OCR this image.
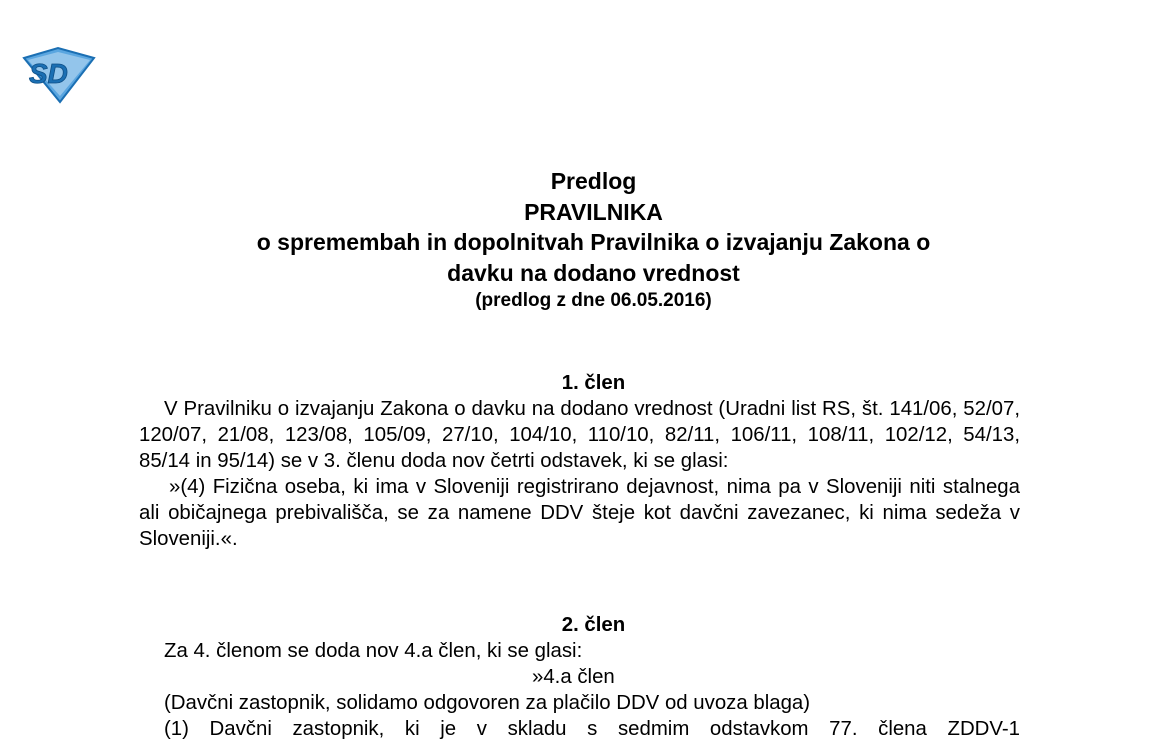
SD
Predlog
PRAVILNIKA
o spremembah in dopolnitvah Pravilnika o izvajanju Zakona o
davku na dodano vrednost
(predlog z dne 06.05.2016)
1. člen

V Pravilniku o izvajanju Zakona o davku na dodano vrednost (Uradni list RS, št. 141/06, 52/07, 120/07, 21/08, 123/08, 105/09, 27/10, 104/10, 110/10, 82/11, 106/11, 108/11, 102/12, 54/13, 85/14 in 95/14) se v 3. členu doda nov četrti odstavek, ki se glasi:

»(4) Fizična oseba, ki ima v Sloveniji registrirano dejavnost, nima pa v Sloveniji niti stalnega ali običajnega prebivališča, se za namene DDV šteje kot davčni zavezanec, ki nima sedeža v Sloveniji.«.

2. člen
Za 4. členom se doda nov 4.a člen, ki se glasi:
»4.a člen
(Davčni zastopnik, solidamo odgovoren za plačilo DDV od uvoza blaga)
(1) Davčni zastopnik, ki je v skladu s sedmim odstavkom 77. člena ZDDV-1
